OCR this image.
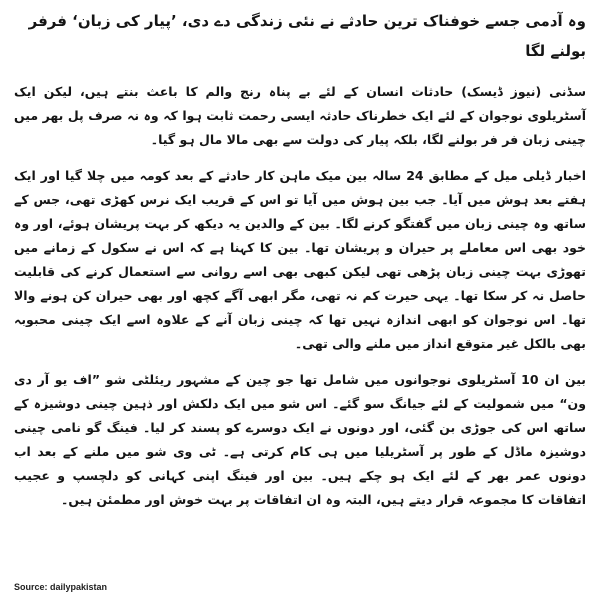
وہ آدمی جسے خوفناک ترین حادثے نے نئی زندگی دے دی، ’پیار کی زبان‘ فرفر بولنے لگا

سڈنی (نیوز ڈیسک) حادثات انسان کے لئے بے پناہ رنج والم کا باعث بنتے ہیں، لیکن ایک آسٹریلوی نوجوان کے لئے ایک خطرناک حادثہ ایسی رحمت ثابت ہوا کہ وہ نہ صرف پل بھر میں چینی زبان فر فر بولنے لگا، بلکہ پیار کی دولت سے بھی مالا مال ہو گیا۔

اخبار ڈیلی میل کے مطابق 24 سالہ بین میک ماہن کار حادثے کے بعد کومہ میں چلا گیا اور ایک ہفتے بعد ہوش میں آیا۔ جب بین ہوش میں آیا تو اس کے قریب ایک نرس کھڑی تھی، جس کے ساتھ وہ چینی زبان میں گفتگو کرنے لگا۔ بین کے والدین یہ دیکھ کر بہت پریشان ہوئے، اور وہ خود بھی اس معاملے پر حیران و پریشان تھا۔ بین کا کہنا ہے کہ اس نے سکول کے زمانے میں تھوڑی بہت چینی زبان پڑھی تھی لیکن کبھی بھی اسے روانی سے استعمال کرنے کی قابلیت حاصل نہ کر سکا تھا۔ یہی حیرت کم نہ تھی، مگر ابھی آگے کچھ اور بھی حیران کن ہونے والا تھا۔ اس نوجوان کو ابھی اندازہ نہیں تھا کہ چینی زبان آنے کے علاوہ اسے ایک چینی محبوبہ بھی بالکل غیر متوقع انداز میں ملنے والی تھی۔

بین ان 10 آسٹریلوی نوجوانوں میں شامل تھا جو چین کے مشہور ریئلٹی شو ”اف یو آر دی ون“ میں شمولیت کے لئے جیانگ سو گئے۔ اس شو میں ایک دلکش اور ذہین چینی دوشیزہ کے ساتھ اس کی جوڑی بن گئی، اور دونوں نے ایک دوسرے کو پسند کر لیا۔ فینگ گو نامی چینی دوشیزہ ماڈل کے طور پر آسٹریلیا میں ہی کام کرتی ہے۔ ٹی وی شو میں ملنے کے بعد اب دونوں عمر بھر کے لئے ایک ہو چکے ہیں۔ بین اور فینگ اپنی کہانی کو دلچسپ و عجیب اتفاقات کا مجموعہ قرار دیتے ہیں، البتہ وہ ان اتفاقات پر بہت خوش اور مطمئن ہیں۔

Source: dailypakistan
